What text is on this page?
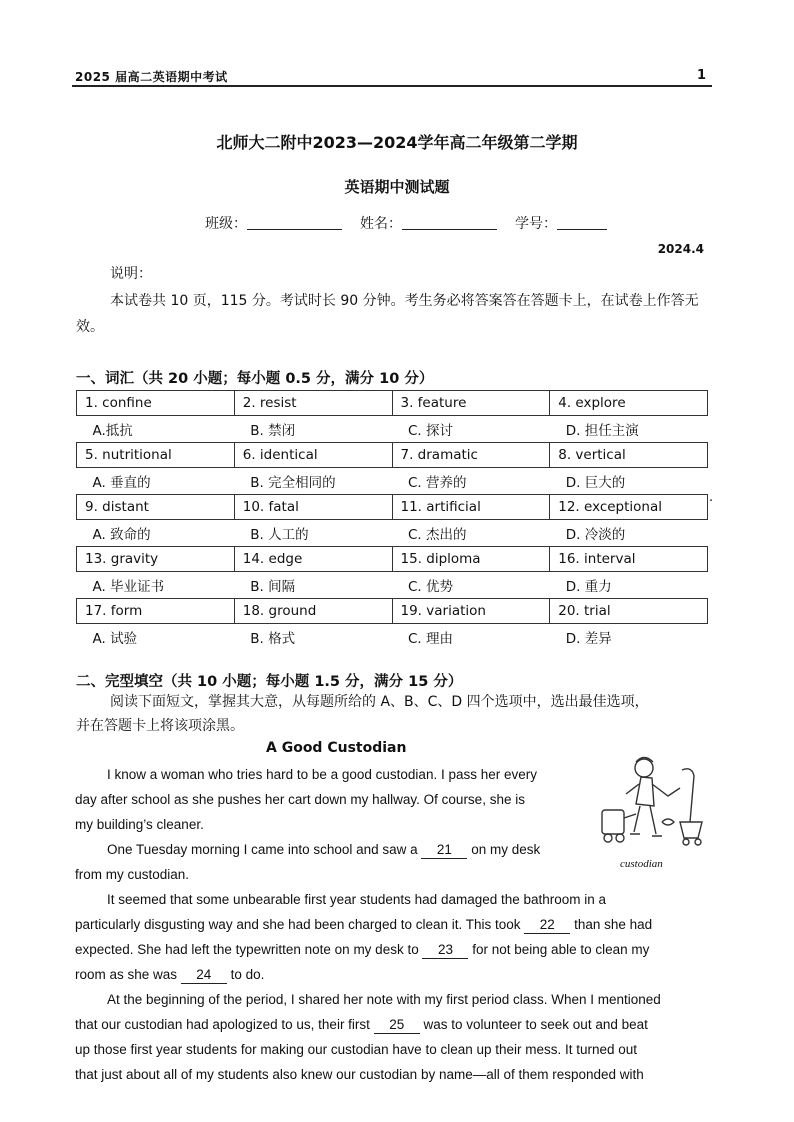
2025 届高二英语期中考试	1
北师大二附中2023—2024学年高二年级第二学期
英语期中测试题
班级：	姓名：	学号：
2024.4
说明：
本试卷共 10 页，115 分。考试时长 90 分钟。考生务必将答案答在答题卡上，在试卷上作答无效。
一、词汇（共 20 小题；每小题 0.5 分，满分 10 分）
·
1. confine	2. resist	3. feature	4. explore
A.抵抗	B. 禁闭	C. 探讨	D. 担任主演
5. nutritional	6. identical	7. dramatic	8. vertical
A. 垂直的	B. 完全相同的	C. 营养的	D. 巨大的
9. distant	10. fatal	11. artificial	12. exceptional
A. 致命的	B. 人工的	C. 杰出的	D. 冷淡的
13. gravity	14. edge	15. diploma	16. interval
A. 毕业证书	B. 间隔	C. 优势	D. 重力
17. form	18. ground	19. variation	20. trial
A. 试验	B. 格式	C. 理由	D. 差异
二、完型填空（共 10 小题；每小题 1.5 分，满分 15 分）
阅读下面短文，掌握其大意，从每题所给的 A、B、C、D 四个选项中，选出最佳选项，
并在答题卡上将该项涂黑。
A Good Custodian
custodian
I know a woman who tries hard to be a good custodian. I pass her every
day after school as she pushes her cart down my hallway. Of course, she is
my building’s cleaner.
One Tuesday morning I came into school and saw a 21 on my desk
from my custodian.
It seemed that some unbearable first year students had damaged the bathroom in a
particularly disgusting way and she had been charged to clean it. This took 22 than she had
expected. She had left the typewritten note on my desk to 23 for not being able to clean my
room as she was 24 to do.
At the beginning of the period, I shared her note with my first period class. When I mentioned
that our custodian had apologized to us, their first 25 was to volunteer to seek out and beat
up those first year students for making our custodian have to clean up their mess. It turned out
that just about all of my students also knew our custodian by name—all of them responded with
